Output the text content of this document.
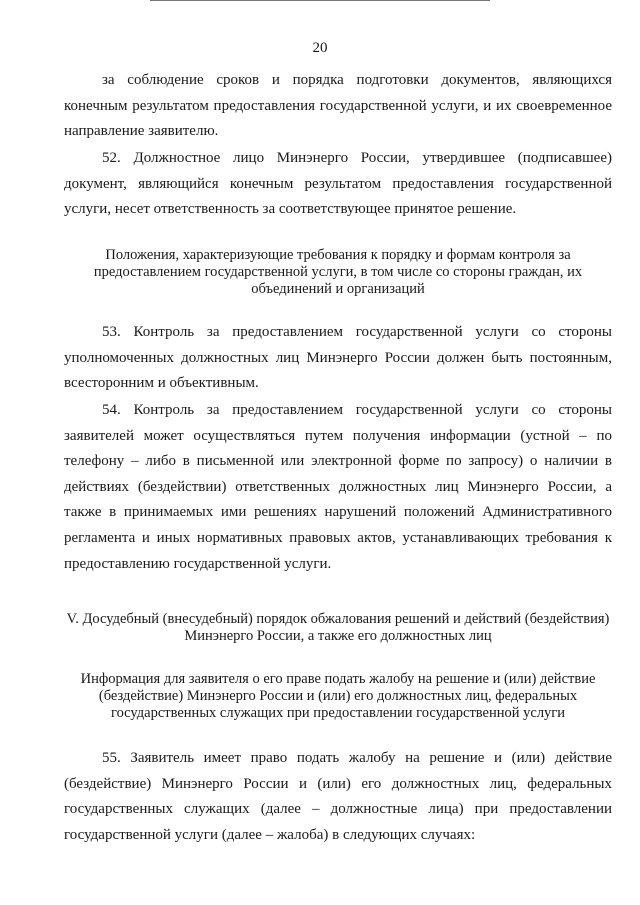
20

за соблюдение сроков и порядка подготовки документов, являющихся конечным результатом предоставления государственной услуги, и их своевременное направление заявителю.

52. Должностное лицо Минэнерго России, утвердившее (подписавшее) документ, являющийся конечным результатом предоставления государственной услуги, несет ответственность за соответствующее принятое решение.

Положения, характеризующие требования к порядку и формам контроля за предоставлением государственной услуги, в том числе со стороны граждан, их объединений и организаций

53. Контроль за предоставлением государственной услуги со стороны уполномоченных должностных лиц Минэнерго России должен быть постоянным, всесторонним и объективным.

54. Контроль за предоставлением государственной услуги со стороны заявителей может осуществляться путем получения информации (устной – по телефону – либо в письменной или электронной форме по запросу) о наличии в действиях (бездействии) ответственных должностных лиц Минэнерго России, а также в принимаемых ими решениях нарушений положений Административного регламента и иных нормативных правовых актов, устанавливающих требования к предоставлению государственной услуги.

V. Досудебный (внесудебный) порядок обжалования решений и действий (бездействия) Минэнерго России, а также его должностных лиц

Информация для заявителя о его праве подать жалобу на решение и (или) действие (бездействие) Минэнерго России и (или) его должностных лиц, федеральных государственных служащих при предоставлении государственной услуги

55. Заявитель имеет право подать жалобу на решение и (или) действие (бездействие) Минэнерго России и (или) его должностных лиц, федеральных государственных служащих (далее – должностные лица) при предоставлении государственной услуги (далее – жалоба) в следующих случаях:
